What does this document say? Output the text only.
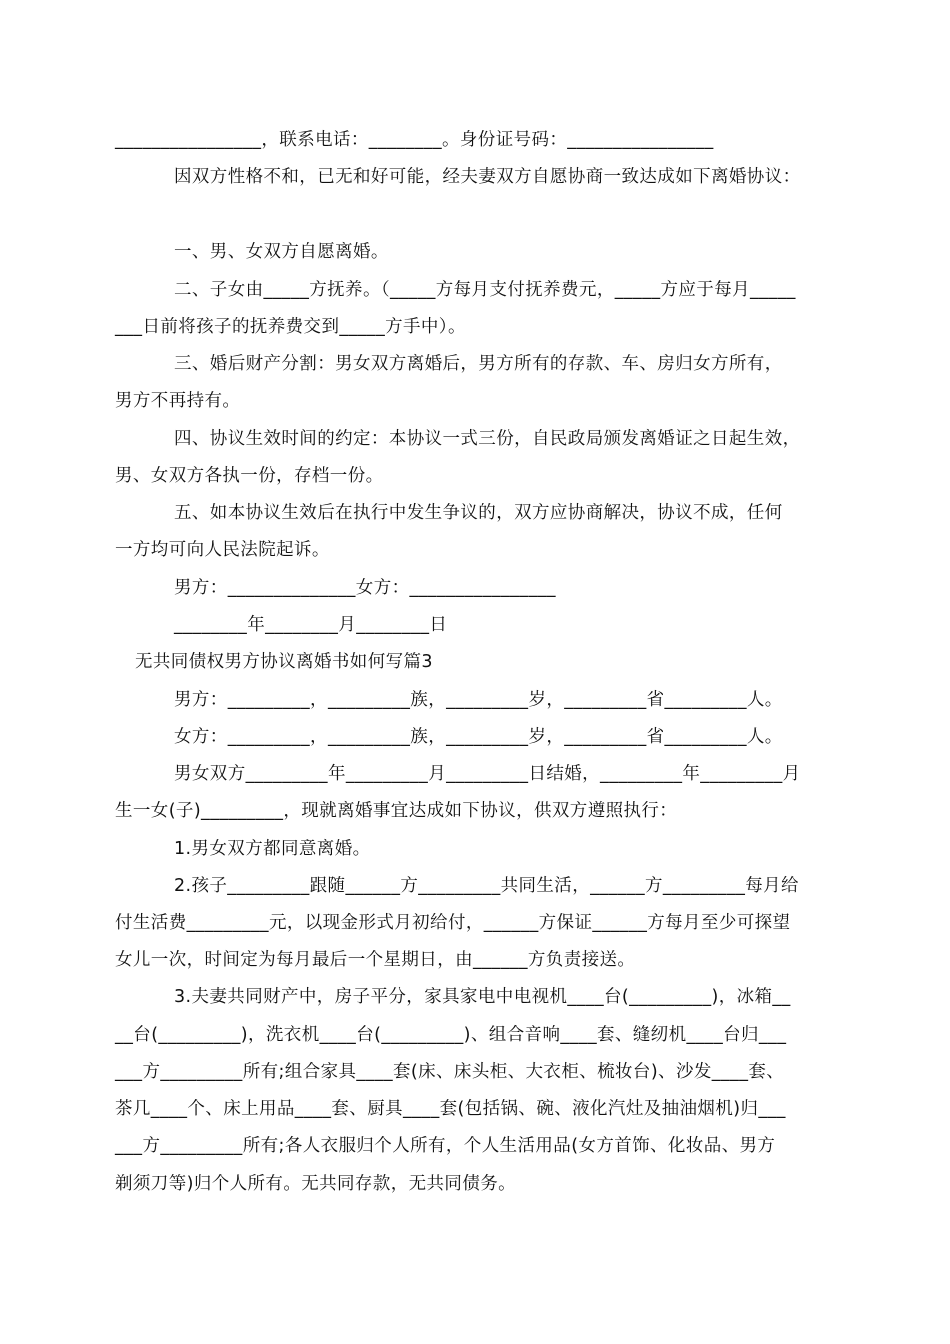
________________，联系电话：________。身份证号码：________________
因双方性格不和，已无和好可能，经夫妻双方自愿协商一致达成如下离婚协议：
一、男、女双方自愿离婚。
二、子女由_____方抚养。（_____方每月支付抚养费元，_____方应于每月_____
___日前将孩子的抚养费交到_____方手中）。
三、婚后财产分割：男女双方离婚后，男方所有的存款、车、房归女方所有，
男方不再持有。
四、协议生效时间的约定：本协议一式三份，自民政局颁发离婚证之日起生效，
男、女双方各执一份，存档一份。
五、如本协议生效后在执行中发生争议的，双方应协商解决，协议不成，任何
一方均可向人民法院起诉。
男方：______________女方：________________
________年________月________日
无共同债权男方协议离婚书如何写篇3
男方：_________，_________族，_________岁，_________省_________人。
女方：_________，_________族，_________岁，_________省_________人。
男女双方_________年_________月_________日结婚，_________年_________月
生一女(子)_________，现就离婚事宜达成如下协议，供双方遵照执行：
1.男女双方都同意离婚。
2.孩子_________跟随______方_________共同生活，______方_________每月给
付生活费_________元，以现金形式月初给付，______方保证______方每月至少可探望
女儿一次，时间定为每月最后一个星期日，由______方负责接送。
3.夫妻共同财产中，房子平分，家具家电中电视机____台(_________)，冰箱__
__台(_________)，洗衣机____台(_________)、组合音响____套、缝纫机____台归___
___方_________所有;组合家具____套(床、床头柜、大衣柜、梳妆台)、沙发____套、
茶几____个、床上用品____套、厨具____套(包括锅、碗、液化汽灶及抽油烟机)归___
___方_________所有;各人衣服归个人所有，个人生活用品(女方首饰、化妆品、男方
剃须刀等)归个人所有。无共同存款，无共同债务。
